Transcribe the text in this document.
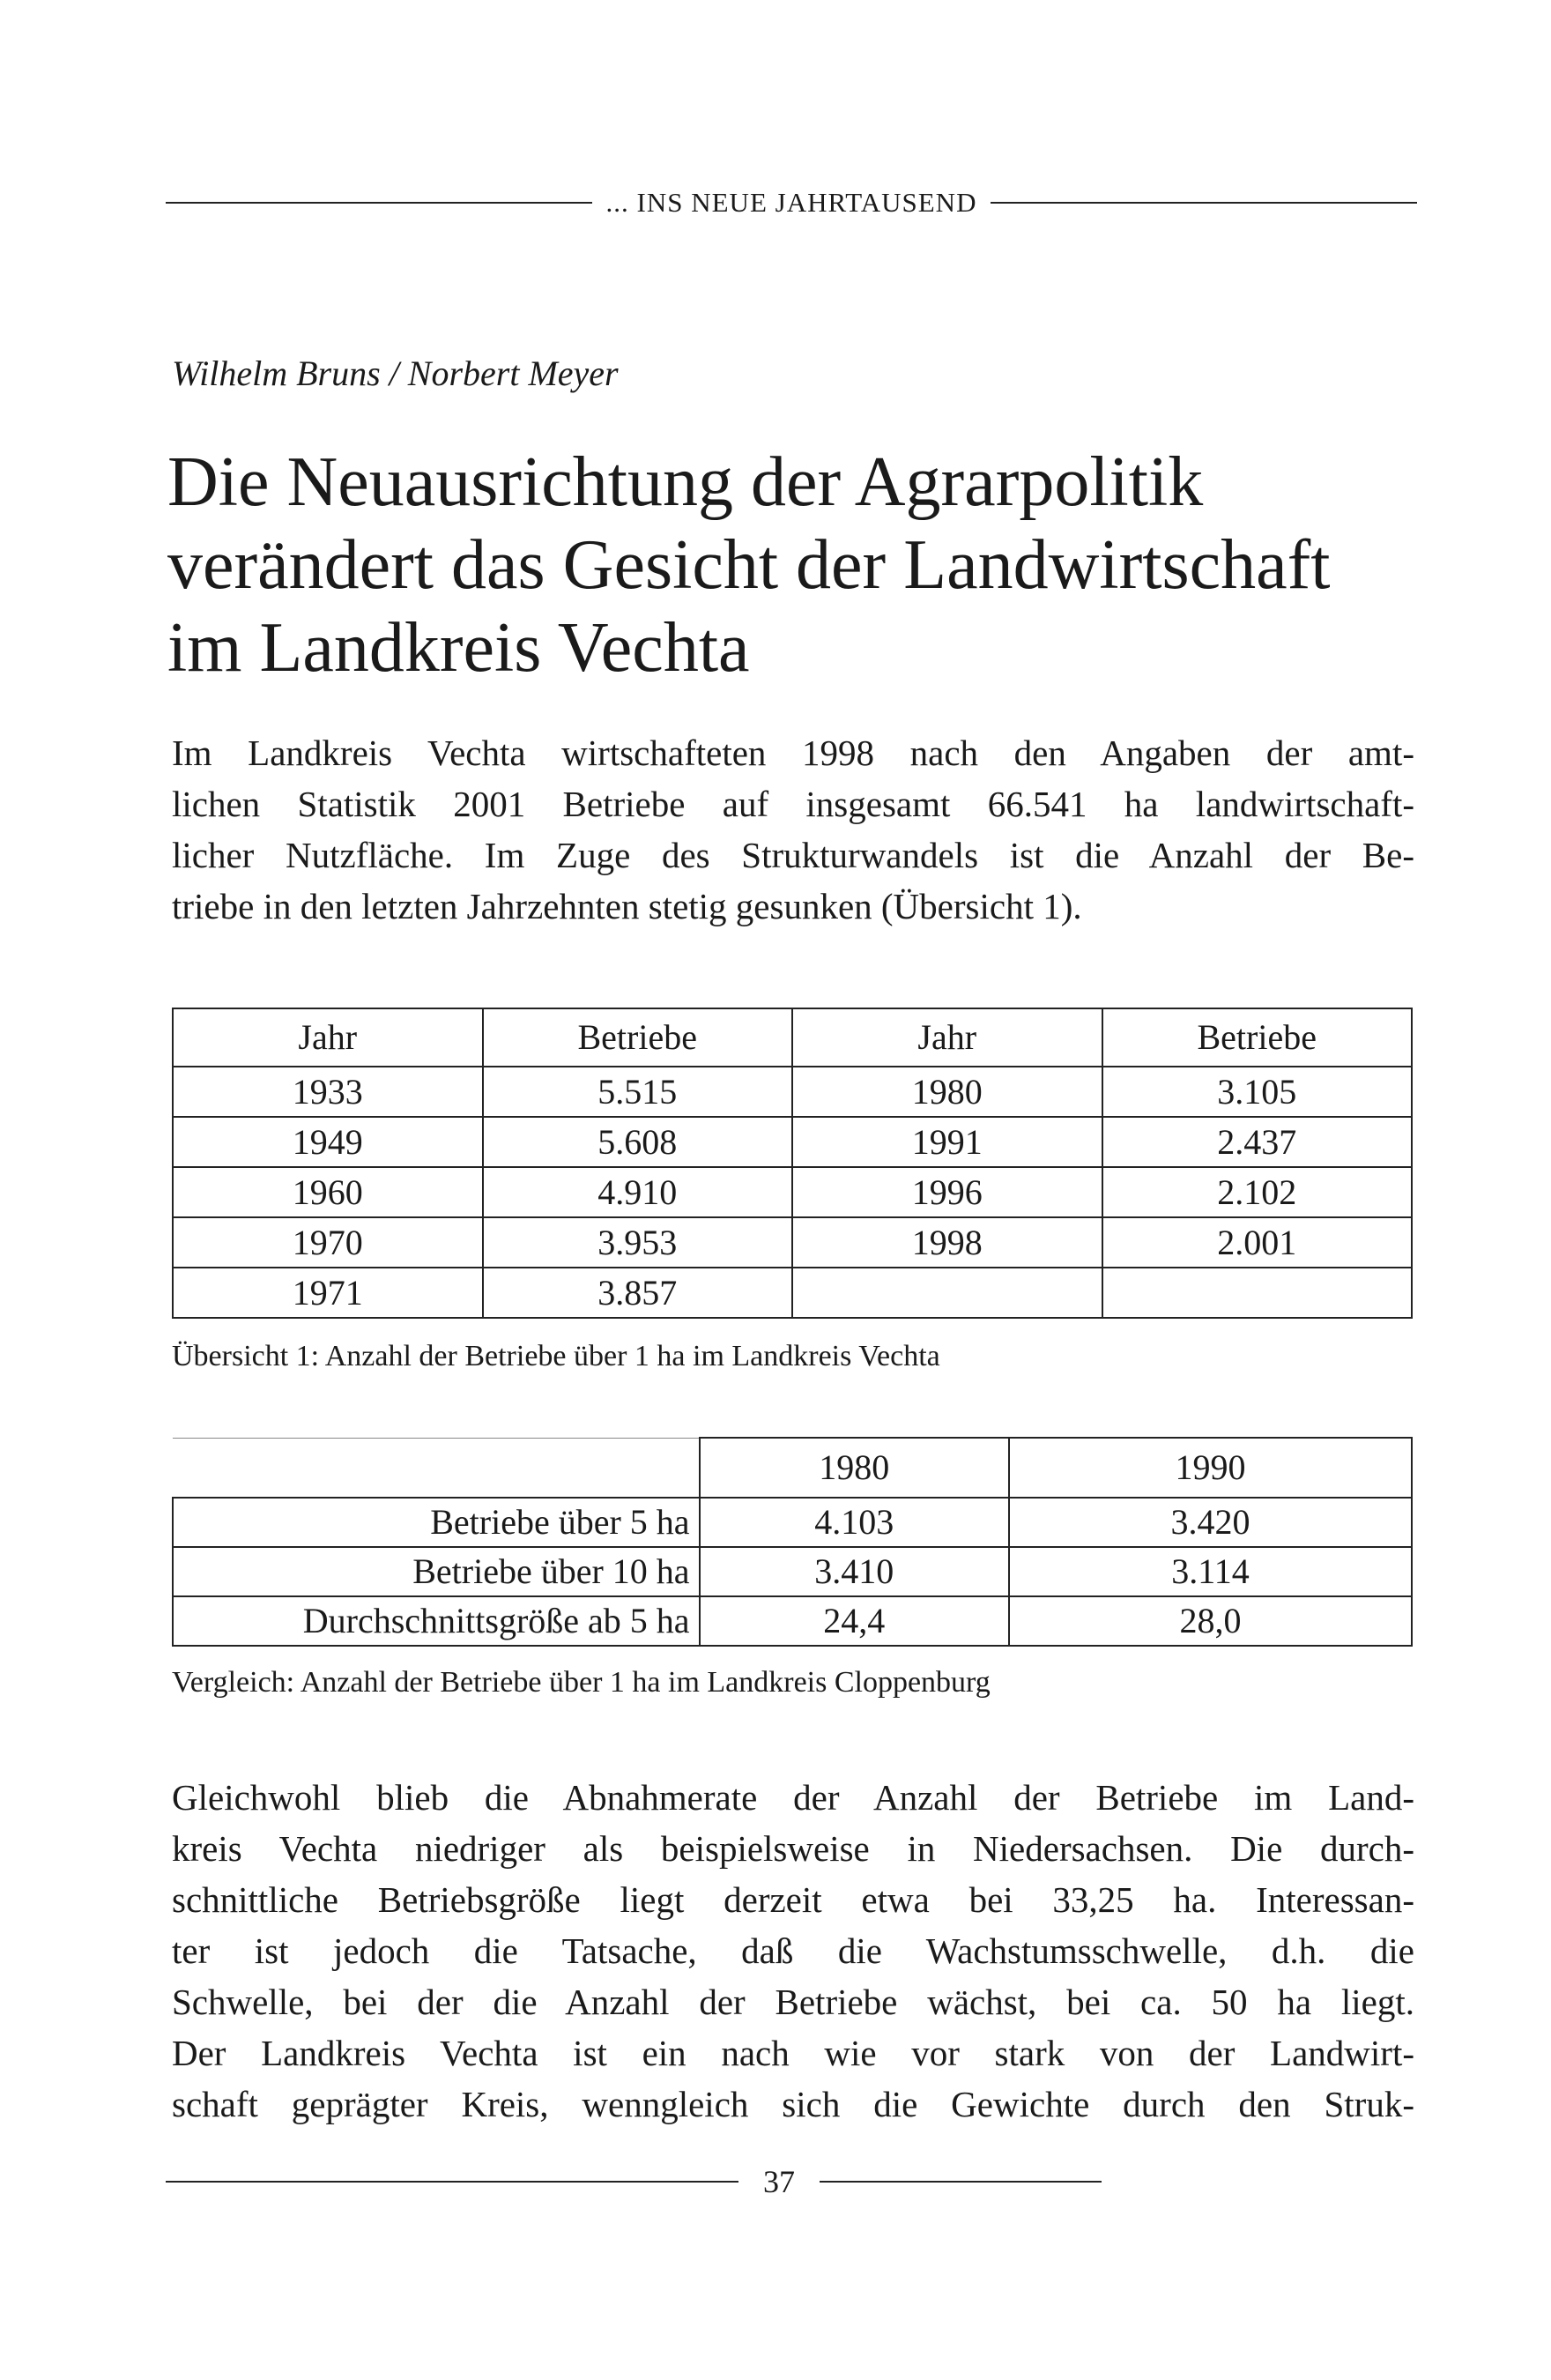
... INS NEUE JAHRTAUSEND
Wilhelm Bruns / Norbert Meyer
Die Neuausrichtung der Agrarpolitik
verändert das Gesicht der Landwirtschaft
im Landkreis Vechta

Im Landkreis Vechta wirtschafteten 1998 nach den Angaben der amt-
lichen Statistik 2001 Betriebe auf insgesamt 66.541 ha landwirtschaft-
licher Nutzfläche. Im Zuge des Strukturwandels ist die Anzahl der Be-
triebe in den letzten Jahrzehnten stetig gesunken (Übersicht 1).

Jahr	Betriebe	Jahr	Betriebe
1933	5.515	1980	3.105
1949	5.608	1991	2.437
1960	4.910	1996	2.102
1970	3.953	1998	2.001
1971	3.857		
Übersicht 1: Anzahl der Betriebe über 1 ha im Landkreis Vechta
	1980	1990
Betriebe über 5 ha	4.103	3.420
Betriebe über 10 ha	3.410	3.114
Durchschnittsgröße ab 5 ha	24,4	28,0
Vergleich: Anzahl der Betriebe über 1 ha im Landkreis Cloppenburg

Gleichwohl blieb die Abnahmerate der Anzahl der Betriebe im Land-
kreis Vechta niedriger als beispielsweise in Niedersachsen. Die durch-
schnittliche Betriebsgröße liegt derzeit etwa bei 33,25 ha. Interessan-
ter ist jedoch die Tatsache, daß die Wachstumsschwelle, d.h. die
Schwelle, bei der die Anzahl der Betriebe wächst, bei ca. 50 ha liegt.
Der Landkreis Vechta ist ein nach wie vor stark von der Landwirt-
schaft geprägter Kreis, wenngleich sich die Gewichte durch den Struk-

37
